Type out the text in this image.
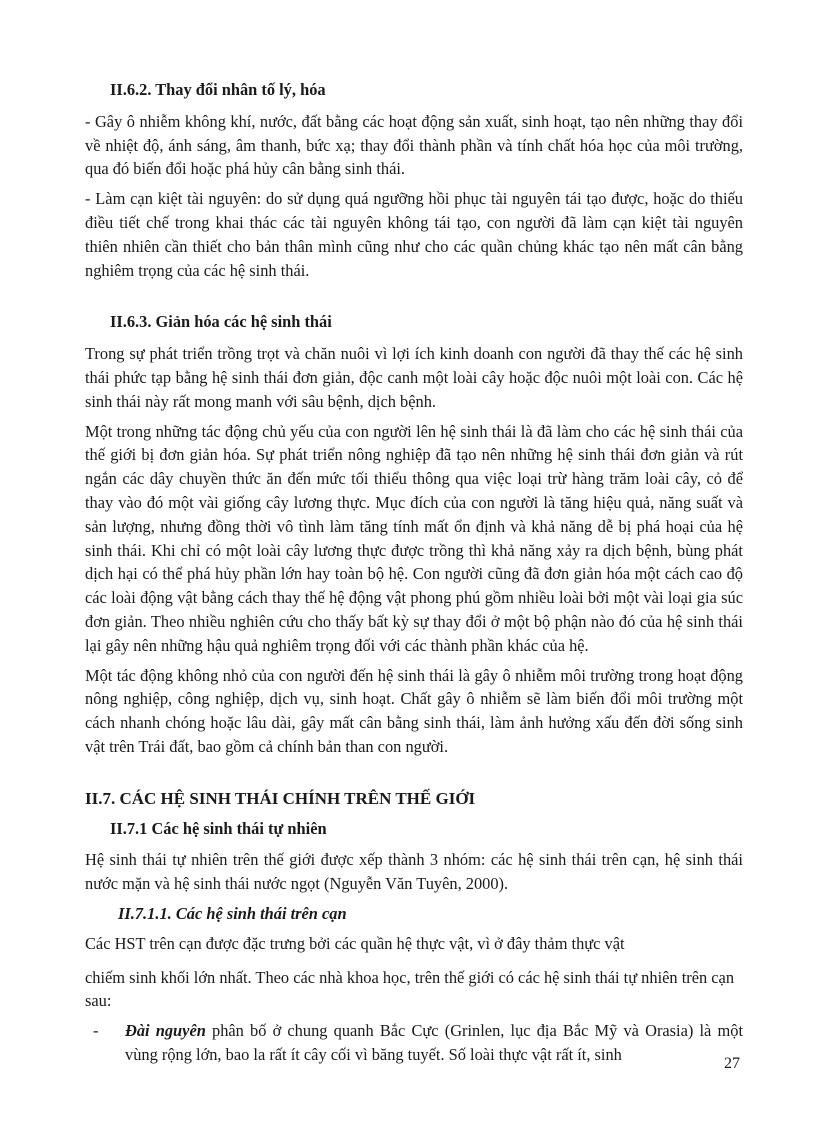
II.6.2. Thay đổi nhân tố lý, hóa

- Gây ô nhiễm không khí, nước, đất bằng các hoạt động sản xuất, sinh hoạt, tạo nên những thay đổi về nhiệt độ, ánh sáng, âm thanh, bức xạ; thay đổi thành phần và tính chất hóa học của môi trường, qua đó biến đổi hoặc phá hủy cân bằng sinh thái.

- Làm cạn kiệt tài nguyên: do sử dụng quá ngưỡng hồi phục tài nguyên tái tạo được, hoặc do thiếu điều tiết chế trong khai thác các tài nguyên không tái tạo, con người đã làm cạn kiệt tài nguyên thiên nhiên cần thiết cho bản thân mình cũng như cho các quần chủng khác tạo nên mất cân bằng nghiêm trọng của các hệ sinh thái.

II.6.3. Giản hóa các hệ sinh thái

Trong sự phát triển trồng trọt và chăn nuôi vì lợi ích kinh doanh con người đã thay thế các hệ sinh thái phức tạp bằng hệ sinh thái đơn giản, độc canh một loài cây hoặc độc nuôi một loài con. Các hệ sinh thái này rất mong manh với sâu bệnh, dịch bệnh.

Một trong những tác động chủ yếu của con người lên hệ sinh thái là đã làm cho các hệ sinh thái của thế giới bị đơn giản hóa. Sự phát triển nông nghiệp đã tạo nên những hệ sinh thái đơn giản và rút ngắn các dây chuyền thức ăn đến mức tối thiểu thông qua việc loại trừ hàng trăm loài cây, cỏ để thay vào đó một vài giống cây lương thực. Mục đích của con người là tăng hiệu quả, năng suất và sản lượng, nhưng đồng thời vô tình làm tăng tính mất ổn định và khả năng dễ bị phá hoại của hệ sinh thái. Khi chỉ có một loài cây lương thực được trồng thì khả năng xảy ra dịch bệnh, bùng phát dịch hại có thể phá hủy phần lớn hay toàn bộ hệ. Con người cũng đã đơn giản hóa một cách cao độ các loài động vật bằng cách thay thế hệ động vật phong phú gồm nhiều loài bởi một vài loại gia súc đơn giản. Theo nhiều nghiên cứu cho thấy bất kỳ sự thay đổi ở một bộ phận nào đó của hệ sinh thái lại gây nên những hậu quả nghiêm trọng đối với các thành phần khác của hệ.

Một tác động không nhỏ của con người đến hệ sinh thái là gây ô nhiễm môi trường trong hoạt động nông nghiệp, công nghiệp, dịch vụ, sinh hoạt. Chất gây ô nhiễm sẽ làm biến đổi môi trường một cách nhanh chóng hoặc lâu dài, gây mất cân bằng sinh thái, làm ảnh hưởng xấu đến đời sống sinh vật trên Trái đất, bao gồm cả chính bản than con người.

II.7. CÁC HỆ SINH THÁI CHÍNH TRÊN THẾ GIỚI
II.7.1 Các hệ sinh thái tự nhiên

Hệ sinh thái tự nhiên trên thế giới được xếp thành 3 nhóm: các hệ sinh thái trên cạn, hệ sinh thái nước mặn và hệ sinh thái nước ngọt (Nguyễn Văn Tuyên, 2000).

II.7.1.1. Các hệ sinh thái trên cạn

Các HST trên cạn được đặc trưng bởi các quần hệ thực vật, vì ở đây thảm thực vật

chiếm sinh khối lớn nhất. Theo các nhà khoa học, trên thế giới có các hệ sinh thái tự nhiên trên cạn sau:

-	Đài nguyên phân bố ở chung quanh Bắc Cực (Grinlen, lục địa Bắc Mỹ và Orasia) là một vùng rộng lớn, bao la rất ít cây cối vì băng tuyết. Số loài thực vật rất ít, sinh	27
